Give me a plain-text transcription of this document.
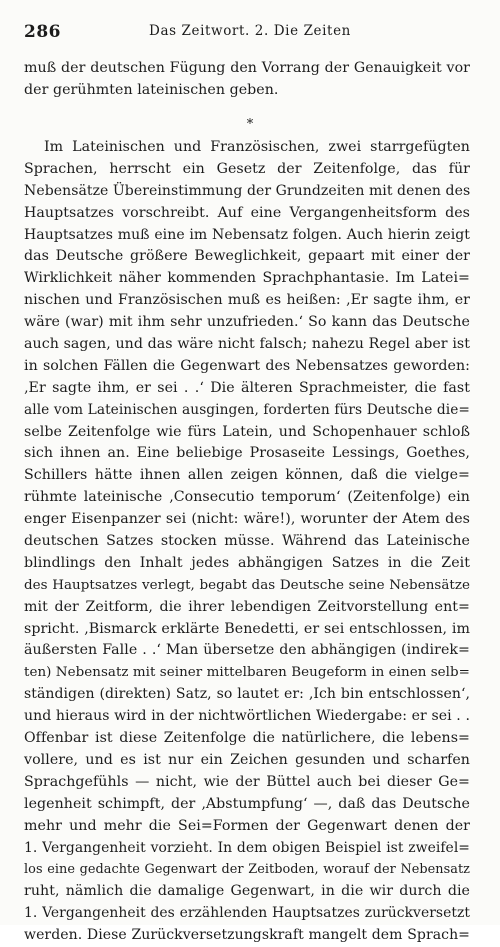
286	Das Zeitwort. 2. Die Zeiten
muß der deutschen Fügung den Vorrang der Genauigkeit vor
der gerühmten lateinischen geben.
*
Im Lateinischen und Französischen, zwei starrgefügten
Sprachen, herrscht ein Gesetz der Zeitenfolge, das für
Nebensätze Übereinstimmung der Grundzeiten mit denen des
Hauptsatzes vorschreibt. Auf eine Vergangenheitsform des
Hauptsatzes muß eine im Nebensatz folgen. Auch hierin zeigt
das Deutsche größere Beweglichkeit, gepaart mit einer der
Wirklichkeit näher kommenden Sprachphantasie. Im Latei=
nischen und Französischen muß es heißen: ‚Er sagte ihm, er
wäre (war) mit ihm sehr unzufrieden.‘ So kann das Deutsche
auch sagen, und das wäre nicht falsch; nahezu Regel aber ist
in solchen Fällen die Gegenwart des Nebensatzes geworden:
‚Er sagte ihm, er sei . .‘ Die älteren Sprachmeister, die fast
alle vom Lateinischen ausgingen, forderten fürs Deutsche die=
selbe Zeitenfolge wie fürs Latein, und Schopenhauer schloß
sich ihnen an. Eine beliebige Prosaseite Lessings, Goethes,
Schillers hätte ihnen allen zeigen können, daß die vielge=
rühmte lateinische ‚Consecutio temporum‘ (Zeitenfolge) ein
enger Eisenpanzer sei (nicht: wäre!), worunter der Atem des
deutschen Satzes stocken müsse. Während das Lateinische
blindlings den Inhalt jedes abhängigen Satzes in die Zeit
des Hauptsatzes verlegt, begabt das Deutsche seine Nebensätze
mit der Zeitform, die ihrer lebendigen Zeitvorstellung ent=
spricht. ‚Bismarck erklärte Benedetti, er sei entschlossen, im
äußersten Falle . .‘ Man übersetze den abhängigen (indirek=
ten) Nebensatz mit seiner mittelbaren Beugeform in einen selb=
ständigen (direkten) Satz, so lautet er: ‚Ich bin entschlossen‘,
und hieraus wird in der nichtwörtlichen Wiedergabe: er sei . .
Offenbar ist diese Zeitenfolge die natürlichere, die lebens=
vollere, und es ist nur ein Zeichen gesunden und scharfen
Sprachgefühls — nicht, wie der Büttel auch bei dieser Ge=
legenheit schimpft, der ‚Abstumpfung‘ —, daß das Deutsche
mehr und mehr die Sei=Formen der Gegenwart denen der
1. Vergangenheit vorzieht. In dem obigen Beispiel ist zweifel=
los eine gedachte Gegenwart der Zeitboden, worauf der Nebensatz
ruht, nämlich die damalige Gegenwart, in die wir durch die
1. Vergangenheit des erzählenden Hauptsatzes zurückversetzt
werden. Diese Zurückversetzungskraft mangelt dem Sprach=
